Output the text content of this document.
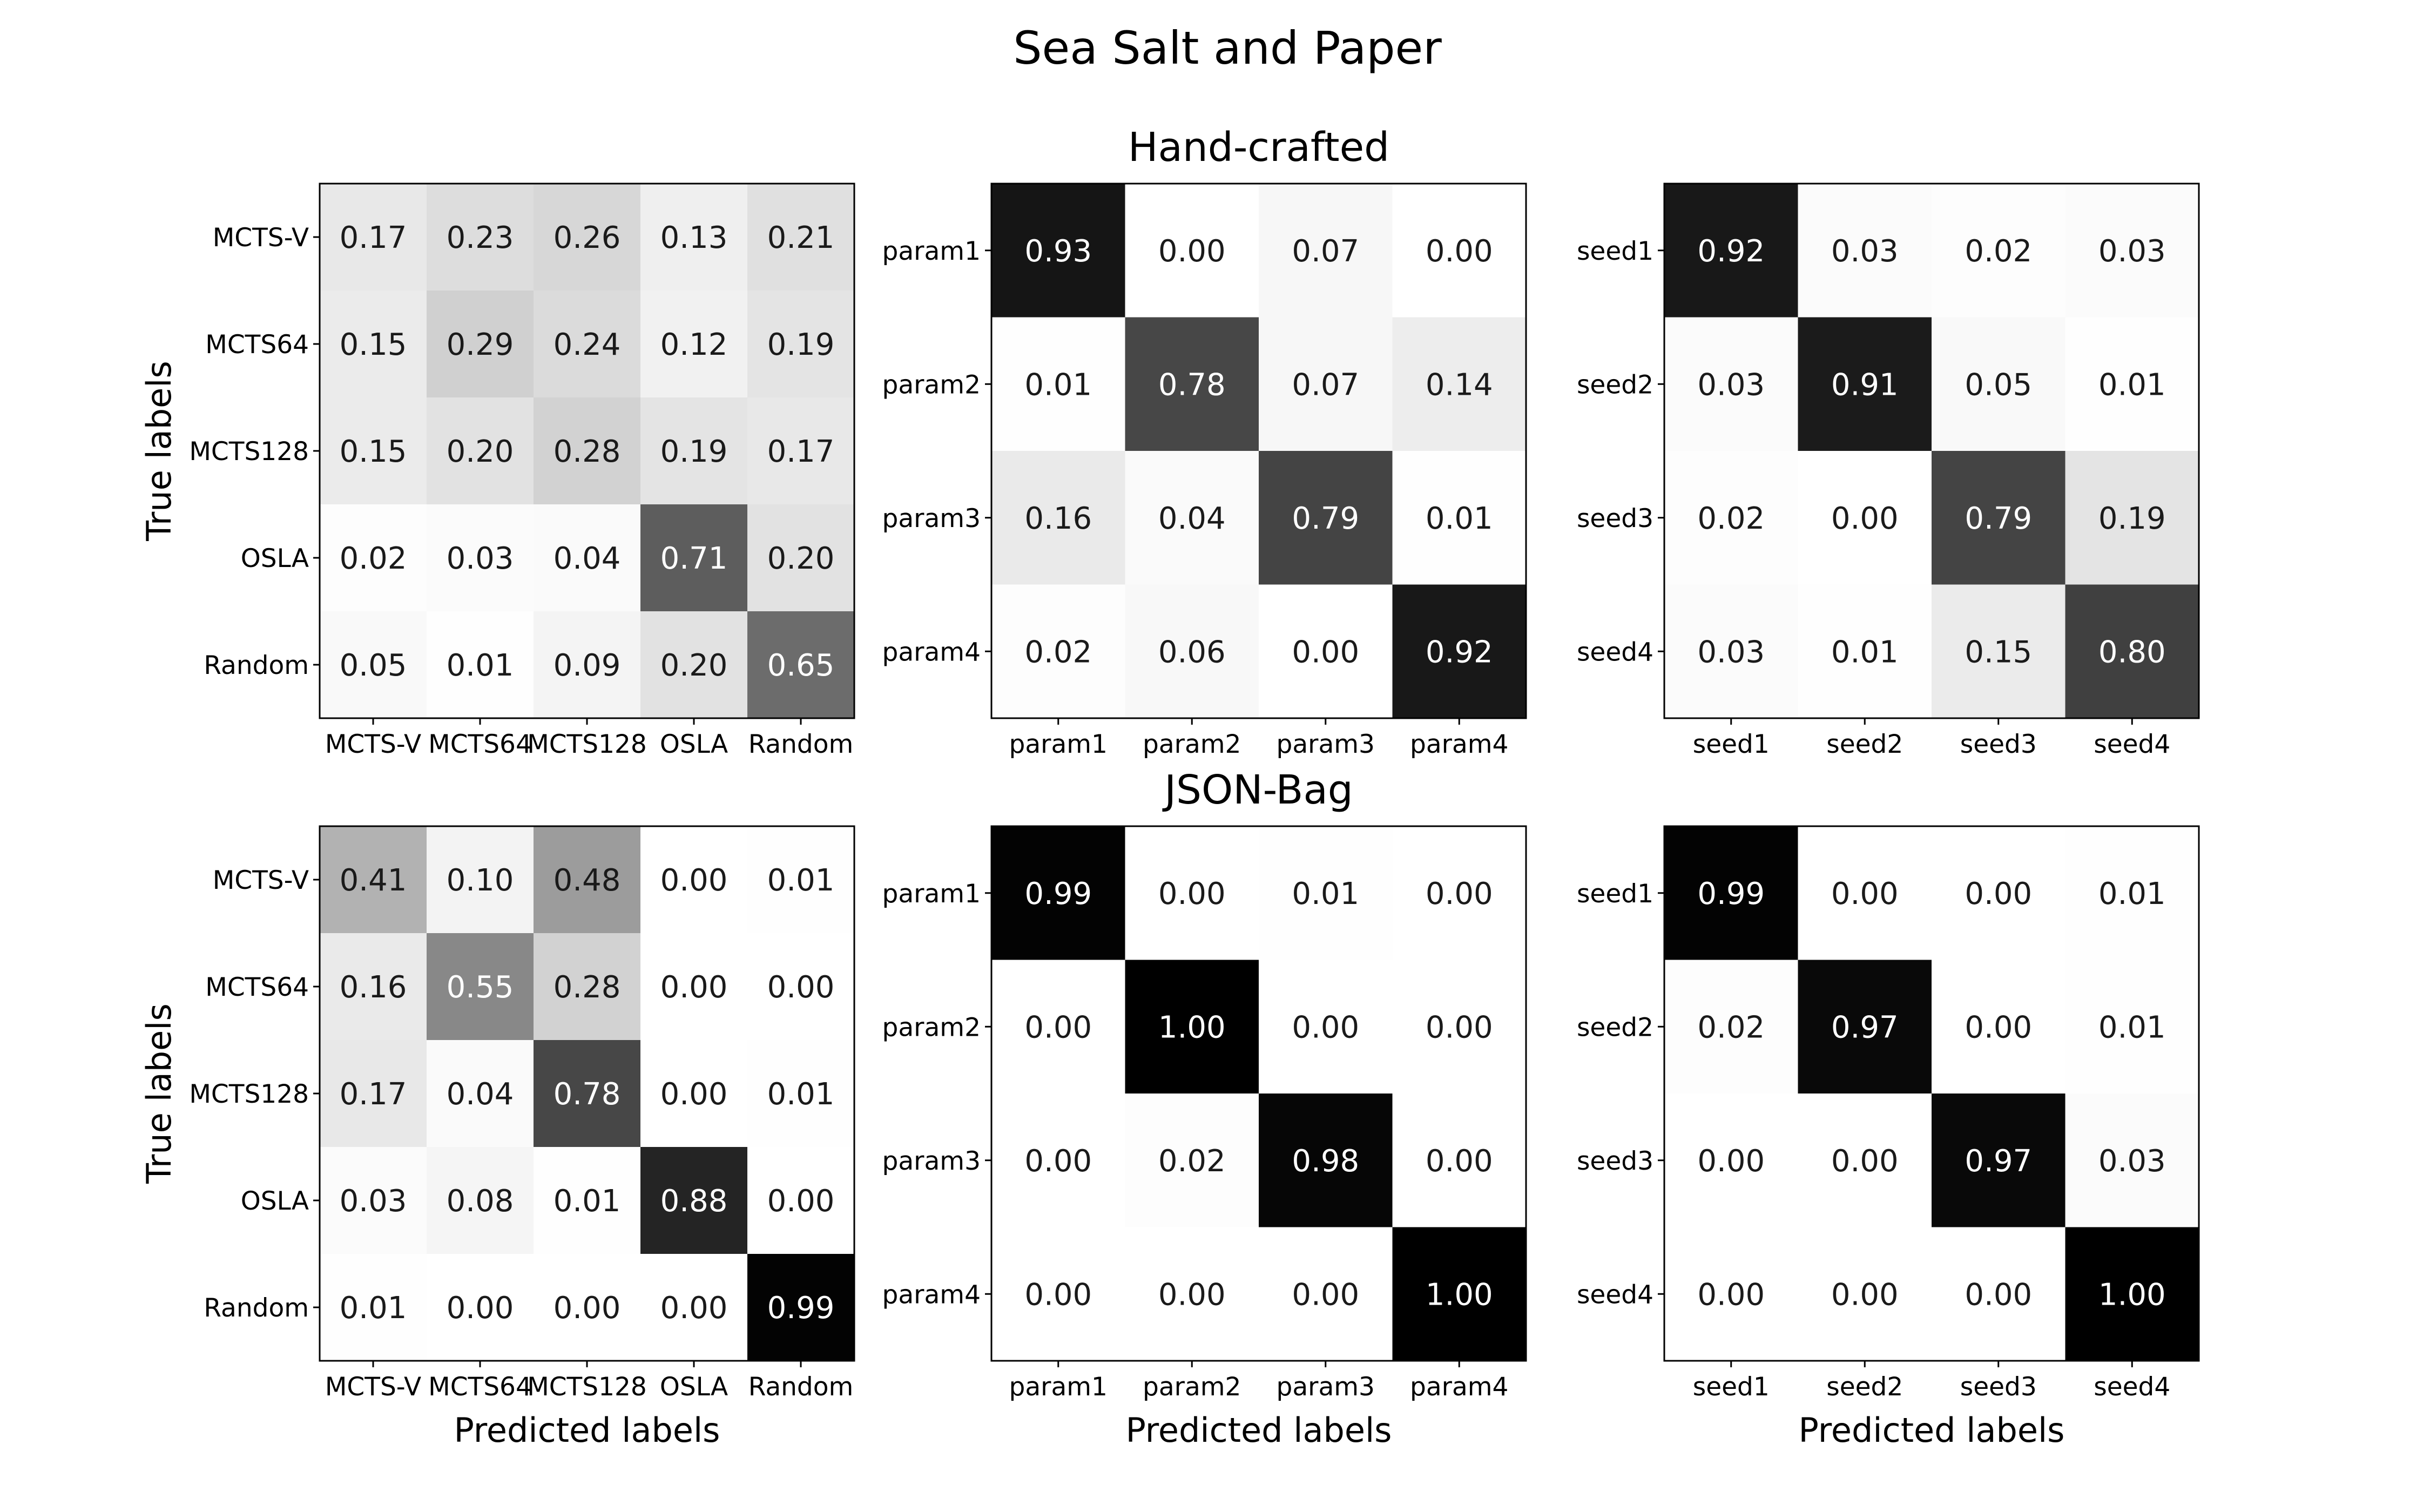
Sea Salt and Paper
0.17 0.23 0.26 0.13 0.21
0.15 0.29 0.24 0.12 0.19
0.15 0.20 0.28 0.19 0.17
0.02 0.03 0.04 0.71 0.20
0.05 0.01 0.09 0.20 0.65
MCTS-V MCTS64
MCTS128 OSLA Random
MCTS-V
MCTS64
MCTS128
OSLA
Random
True labels
0.93 0.00 0.07 0.00
0.01 0.78 0.07 0.14
0.16 0.04 0.79 0.01
0.02 0.06 0.00 0.92
param1 param2 param3 param4
param1
param2
param3
param4
Hand-crafted
0.92 0.03 0.02 0.03
0.03 0.91 0.05 0.01
0.02 0.00 0.79 0.19
0.03 0.01 0.15 0.80
seed1 seed2 seed3 seed4
seed1
seed2
seed3
seed4
0.41 0.10 0.48 0.00 0.01
0.16 0.55 0.28 0.00 0.00
0.17 0.04 0.78 0.00 0.01
0.03 0.08 0.01 0.88 0.00
0.01 0.00 0.00 0.00 0.99
MCTS-V MCTS64
MCTS128 OSLA Random
MCTS-V
MCTS64
MCTS128
OSLA
Random
Predicted labels
True labels
0.99 0.00 0.01 0.00
0.00 1.00 0.00 0.00
0.00 0.02 0.98 0.00
0.00 0.00 0.00 1.00
param1 param2 param3 param4
param1
param2
param3
param4
JSON-Bag
Predicted labels
0.99 0.00 0.00 0.01
0.02 0.97 0.00 0.01
0.00 0.00 0.97 0.03
0.00 0.00 0.00 1.00
seed1 seed2 seed3 seed4
seed1
seed2
seed3
seed4
Predicted labels
